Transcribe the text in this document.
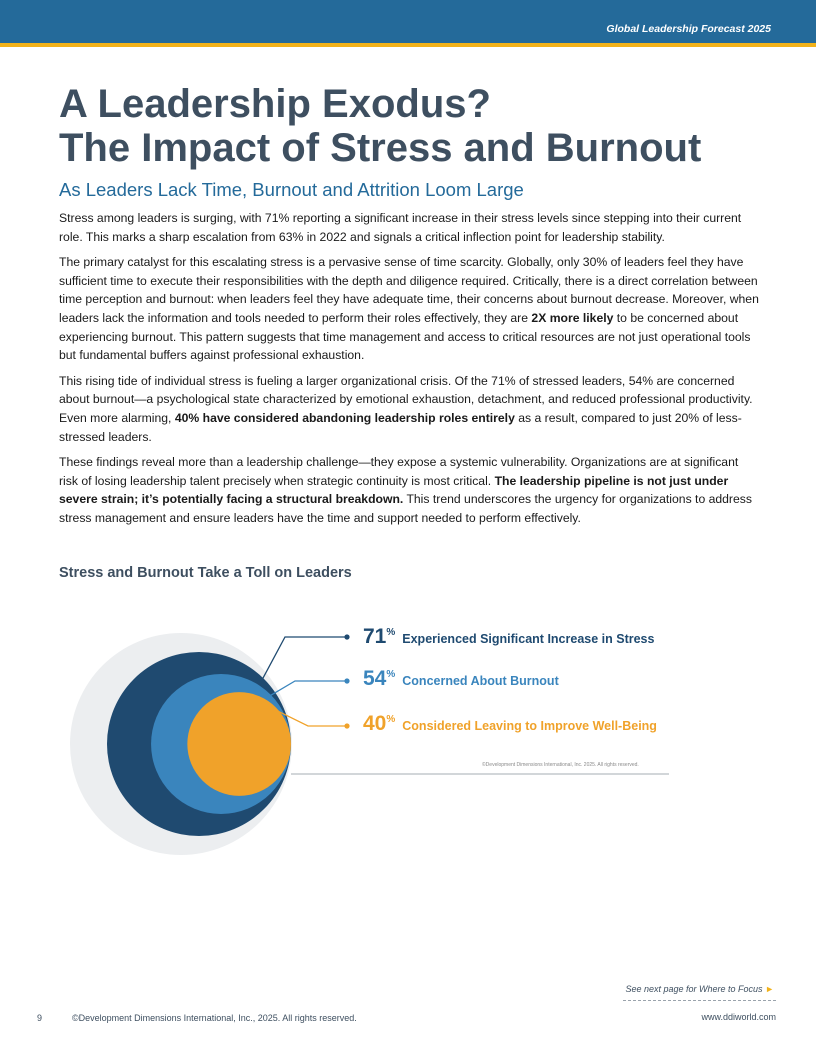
Global Leadership Forecast 2025
A Leadership Exodus?
The Impact of Stress and Burnout
As Leaders Lack Time, Burnout and Attrition Loom Large

Stress among leaders is surging, with 71% reporting a significant increase in their stress levels since stepping into their current role. This marks a sharp escalation from 63% in 2022 and signals a critical inflection point for leadership stability.

The primary catalyst for this escalating stress is a pervasive sense of time scarcity. Globally, only 30% of leaders feel they have sufficient time to execute their responsibilities with the depth and diligence required. Critically, there is a direct correlation between time perception and burnout: when leaders feel they have adequate time, their concerns about burnout decrease. Moreover, when leaders lack the information and tools needed to perform their roles effectively, they are 2X more likely to be concerned about experiencing burnout. This pattern suggests that time management and access to critical resources are not just operational tools but fundamental buffers against professional exhaustion.

This rising tide of individual stress is fueling a larger organizational crisis. Of the 71% of stressed leaders, 54% are concerned about burnout—a psychological state characterized by emotional exhaustion, detachment, and reduced professional productivity. Even more alarming, 40% have considered abandoning leadership roles entirely as a result, compared to just 20% of less-stressed leaders.

These findings reveal more than a leadership challenge—they expose a systemic vulnerability. Organizations are at significant risk of losing leadership talent precisely when strategic continuity is most critical. The leadership pipeline is not just under severe strain; it’s potentially facing a structural breakdown. This trend underscores the urgency for organizations to address stress management and ensure leaders have the time and support needed to perform effectively.

Stress and Burnout Take a Toll on Leaders
71 % Experienced Significant Increase in Stress
54 % Concerned About Burnout
40 % Considered Leaving to Improve Well-Being
©Development Dimensions International, Inc. 2025. All rights reserved.
See next page for Where to Focus ►
9	©Development Dimensions International, Inc., 2025. All rights reserved.	www.ddiworld.com
